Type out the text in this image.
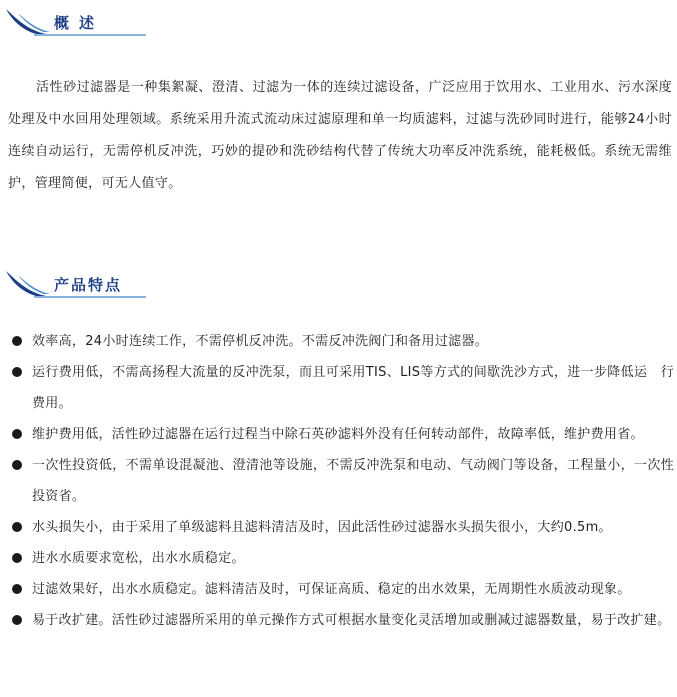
概述

活性砂过滤器是一种集絮凝、澄清、过滤为一体的连续过滤设备，广泛应用于饮用水、工业用水、污水深度处理及中水回用处理领域。系统采用升流式流动床过滤原理和单一均质滤料，过滤与洗砂同时进行，能够24小时连续自动运行，无需停机反冲洗，巧妙的提砂和洗砂结构代替了传统大功率反冲洗系统，能耗极低。系统无需维护，管理简便，可无人值守。

产品特点
效率高，24小时连续工作，不需停机反冲洗。不需反冲洗阀门和备用过滤器。
运行费用低，不需高扬程大流量的反冲洗泵，而且可采用TIS、LIS等方式的间歇洗沙方式，进一步降低运　行费用。
维护费用低，活性砂过滤器在运行过程当中除石英砂滤料外没有任何转动部件，故障率低，维护费用省。
一次性投资低，不需单设混凝池、澄清池等设施，不需反冲洗泵和电动、气动阀门等设备，工程量小，一次性 投资省。
水头损失小，由于采用了单级滤料且滤料清洁及时，因此活性砂过滤器水头损失很小，大约0.5m。
进水水质要求宽松，出水水质稳定。
过滤效果好，出水水质稳定。滤料清洁及时，可保证高质、稳定的出水效果，无周期性水质波动现象。
易于改扩建。活性砂过滤器所采用的单元操作方式可根据水量变化灵活增加或删减过滤器数量，易于改扩建。
